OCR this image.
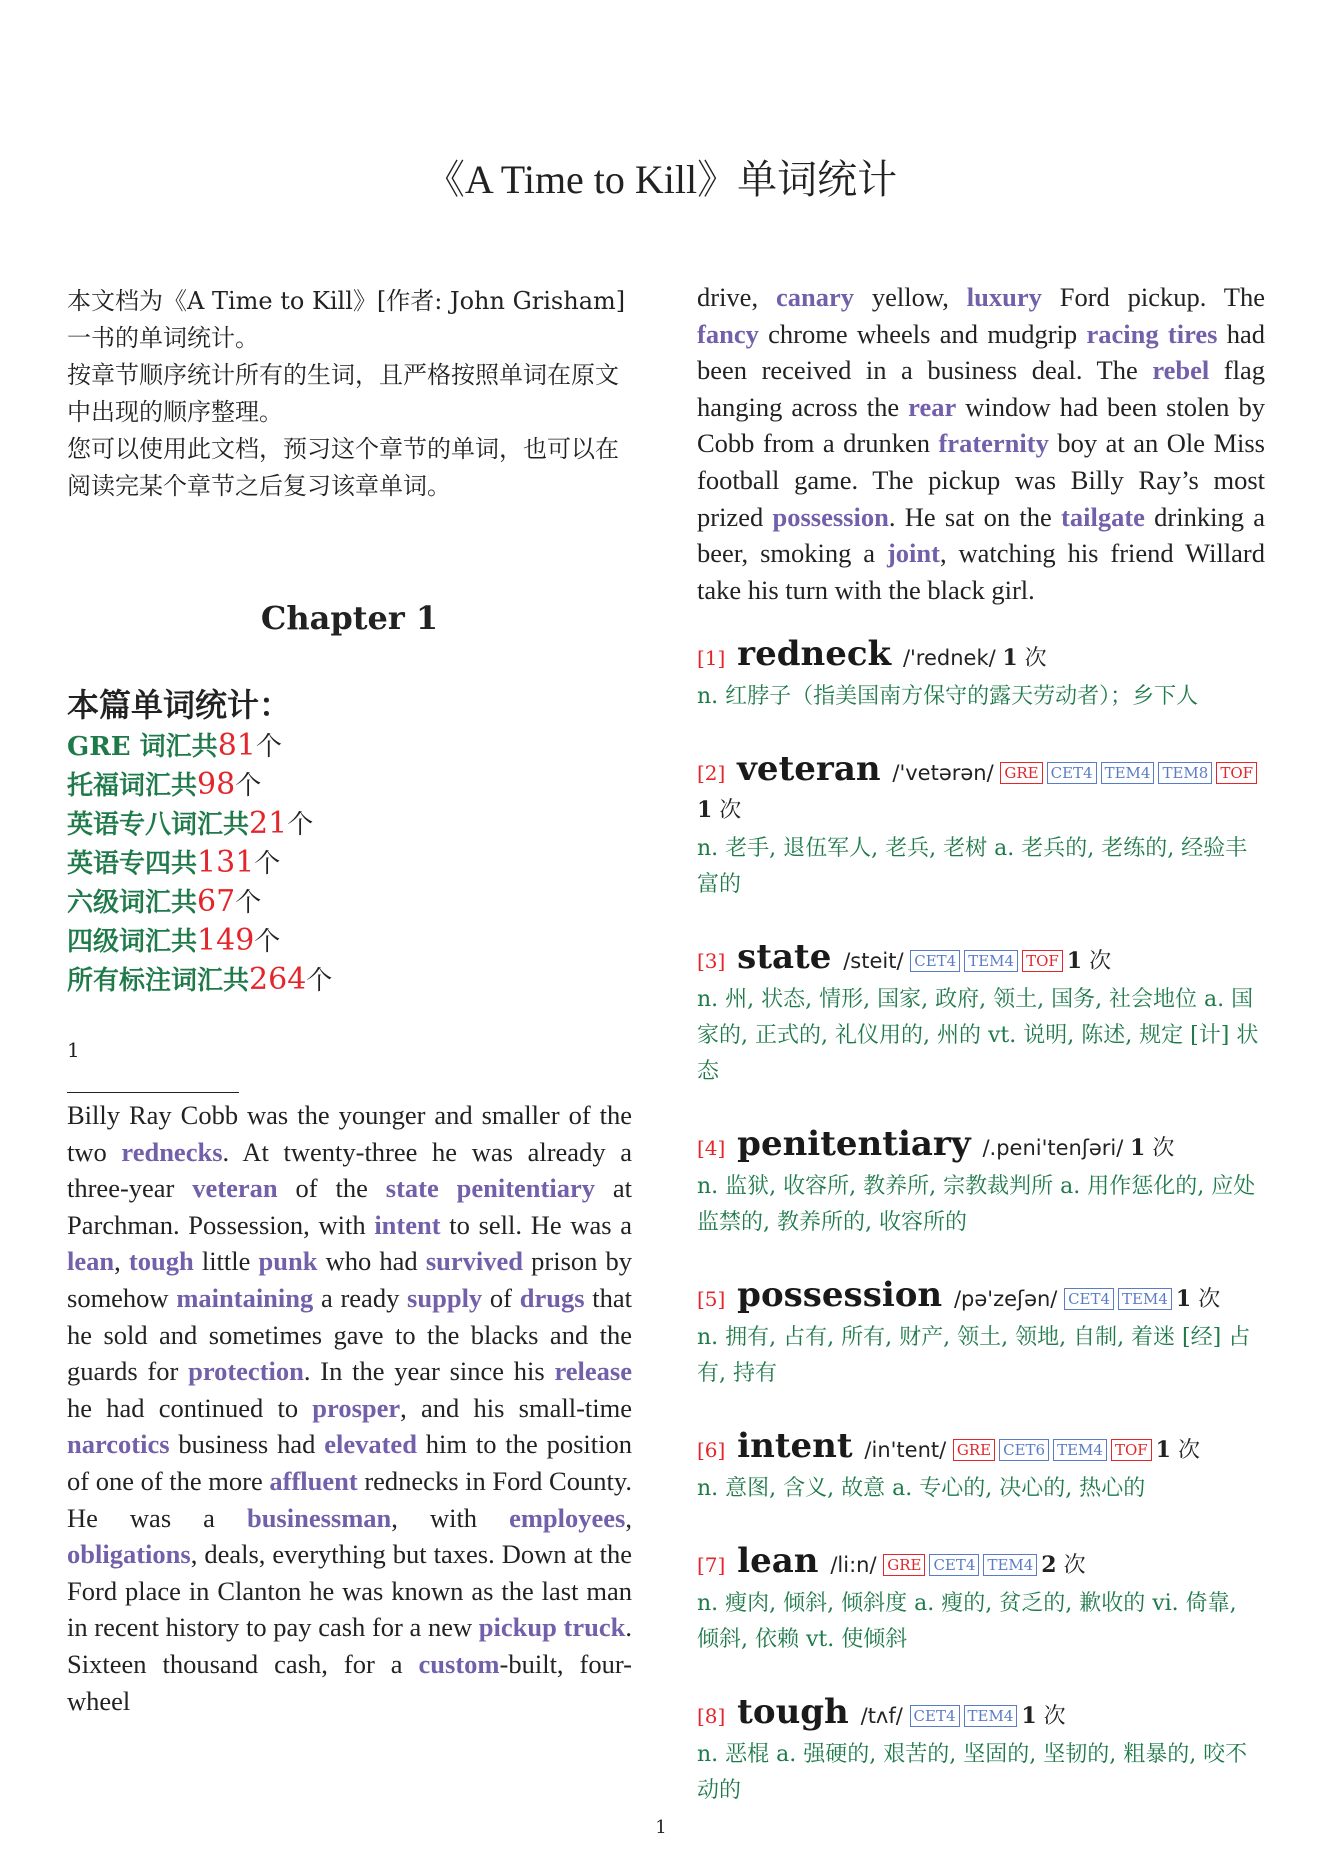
《A Time to Kill》单词统计

本文档为《A Time to Kill》[作者: John Grisham]一书的单词统计。

按章节顺序统计所有的生词，且严格按照单词在原文中出现的顺序整理。

您可以使用此文档，预习这个章节的单词，也可以在阅读完某个章节之后复习该章单词。

Chapter 1
本篇单词统计：
GRE 词汇共81个
托福词汇共98个
英语专八词汇共21个
英语专四共131个
六级词汇共67个
四级词汇共149个
所有标注词汇共264个
1

Billy Ray Cobb was the younger and smaller of the two rednecks. At twenty-three he was already a three-year veteran of the state penitentiary at Parchman. Possession, with intent to sell. He was a lean, tough little punk who had survived prison by somehow maintaining a ready supply of drugs that he sold and sometimes gave to the blacks and the guards for protection. In the year since his release he had continued to prosper, and his small-time narcotics business had elevated him to the position of one of the more affluent rednecks in Ford County. He was a businessman, with employees, obligations, deals, everything but taxes. Down at the Ford place in Clanton he was known as the last man in recent history to pay cash for a new pickup truck. Sixteen thousand cash, for a custom-built, four-wheel

drive, canary yellow, luxury Ford pickup. The fancy chrome wheels and mudgrip racing tires had been received in a business deal. The rebel flag hanging across the rear window had been stolen by Cobb from a drunken fraternity boy at an Ole Miss football game. The pickup was Billy Ray’s most prized possession. He sat on the tailgate drinking a beer, smoking a joint, watching his friend Willard take his turn with the black girl.

[1] redneck /'rednek/ 1 次
n. 红脖子（指美国南方保守的露天劳动者）；乡下人
[2] veteran /'vetərən/ GRE CET4 TEM4 TEM8 TOF1 次
n. 老手, 退伍军人, 老兵, 老树 a. 老兵的, 老练的, 经验丰富的
[3] state /steit/ CET4 TEM4 TOF 1 次
n. 州, 状态, 情形, 国家, 政府, 领土, 国务, 社会地位 a. 国家的, 正式的, 礼仪用的, 州的 vt. 说明, 陈述, 规定 [计] 状态
[4] penitentiary /.peni'tenʃəri/ 1 次
n. 监狱, 收容所, 教养所, 宗教裁判所 a. 用作惩化的, 应处监禁的, 教养所的, 收容所的
[5] possession /pə'zeʃən/ CET4 TEM4 1 次
n. 拥有, 占有, 所有, 财产, 领土, 领地, 自制, 着迷 [经] 占有, 持有
[6] intent /in'tent/ GRE CET6 TEM4 TOF 1 次
n. 意图, 含义, 故意 a. 专心的, 决心的, 热心的
[7] lean /li:n/ GRE CET4 TEM4 2 次
n. 瘦肉, 倾斜, 倾斜度 a. 瘦的, 贫乏的, 歉收的 vi. 倚靠, 倾斜, 依赖 vt. 使倾斜
[8] tough /tʌf/ CET4 TEM4 1 次
n. 恶棍 a. 强硬的, 艰苦的, 坚固的, 坚韧的, 粗暴的, 咬不动的
1
